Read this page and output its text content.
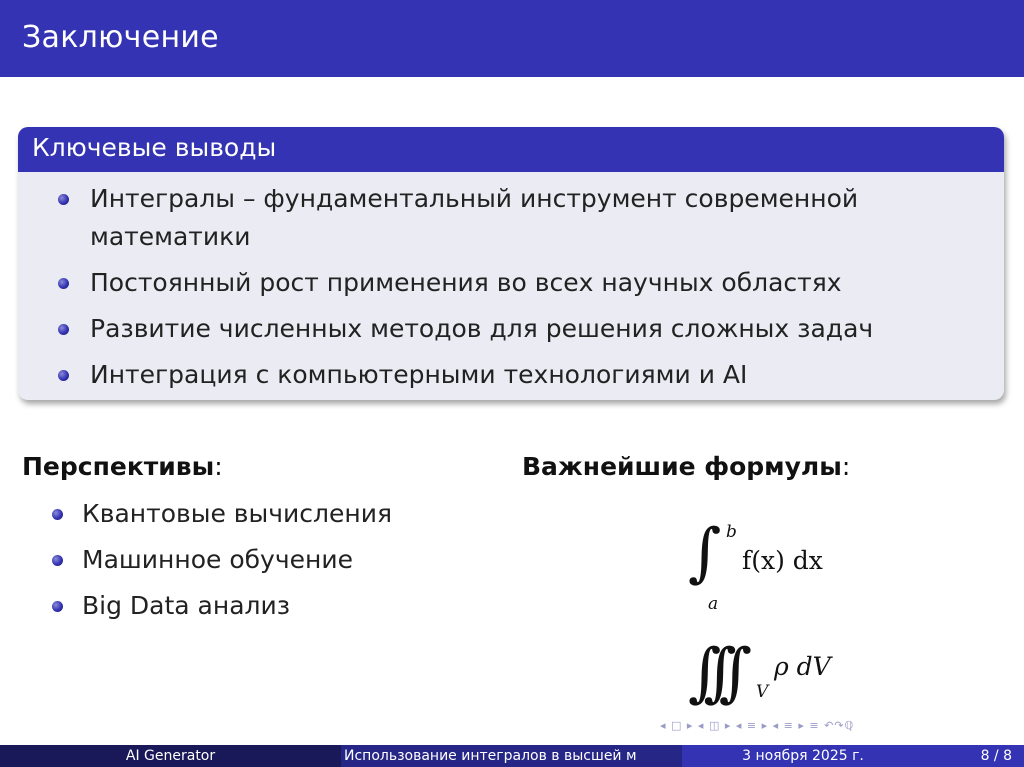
Заключение
Ключевые выводы
Интегралы – фундаментальный инструмент современной математики
Постоянный рост применения во всех научных областях
Развитие численных методов для решения сложных задач
Интеграция с компьютерными технологиями и AI
Перспективы:
Квантовые вычисления
Машинное обучение
Big Data анализ
Важнейшие формулы:
∫ b
a
f(x) dx
∫∫∫ V
ρ dV
◂ □ ▸ ◂ ◫ ▸ ◂ ≡ ▸ ◂ ≡ ▸ ≡ ↶↷ℚ
AI Generator	Использование интегралов в высшей м	3 ноября 2025 г.	8 / 8
